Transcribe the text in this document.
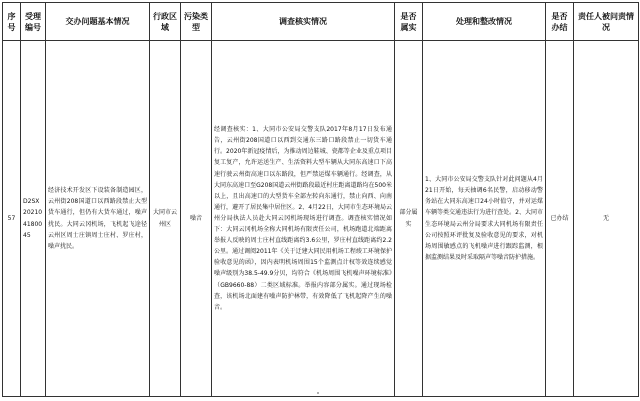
序号	受理编号	交办问题基本情况	行政区域	污染类型	调查核实情况	是否属实	处理和整改情况	是否办结	责任人被问责情况
57	D2SX202104180045	经济技术开发区下设装备制造园区，云州街208国道口以西路段禁止大型货车通行，但仍有大货车通过，噪声扰民。大同云冈机场，飞机起飞途径云州区周士庄镇周士庄村、罗庄村，噪声扰民。	大同市云州区	噪音	经调查核实：1、大同市公安局交警支队2017年8月17日发布通告，云州街208国道口以西到交通东三路口路段禁止一切货车通行。2020年新冠疫情后，为推动周边鞋城、瓷都等企业及重点项目复工复产，允许运送生产、生活资料大型车辆从大同东高速口下高速行驶云州街高速口以东路段，但严禁运煤车辆通行。经调查，从大同东高速口至G208国道云州街路段最近村庄距离道路均在500米以上，且出高速口的大型货车全部左转向东通行，禁止向西、向南通行，避开了居民集中居住区。2、4月22日，大同市生态环境局云州分局执法人员赴大同云冈机场现场进行调查。调查核实情况如下：大同云冈机场全称大同机场有限责任公司，机场跑道北端距离举报人反映的周士庄村直线距离约3.6公里，罗庄村直线距离约2.2公里。通过调阅2011年《关于迁建大同民用机场工程竣工环境保护验收意见的函》，因内表明机场周围15个监测点计权等效连续感觉噪声级别为38.5-49.9分贝，均符合《机场周围飞机噪声环境标准》（GB9660-88）二类区域标准。举报内容部分属实。通过现场检查，该机场北面建有噪声防护林带，有效降低了飞机起降产生的噪音。	部分属实	1、大同市公安局交警支队针对此问题从4月21日开始，每天抽调6名民警，启动移动警务站在大同东高速口24小时值守，并对运煤车辆等类交通违法行为进行查处。2、大同市生态环境局云州分局要求大同机场有限责任公司按照环评批复及验收意见的要求，对机场周围敏感点的飞机噪声进行跟踪监测，根据监测结果及时采取隔声等噪音防护措施。	已办结	无
